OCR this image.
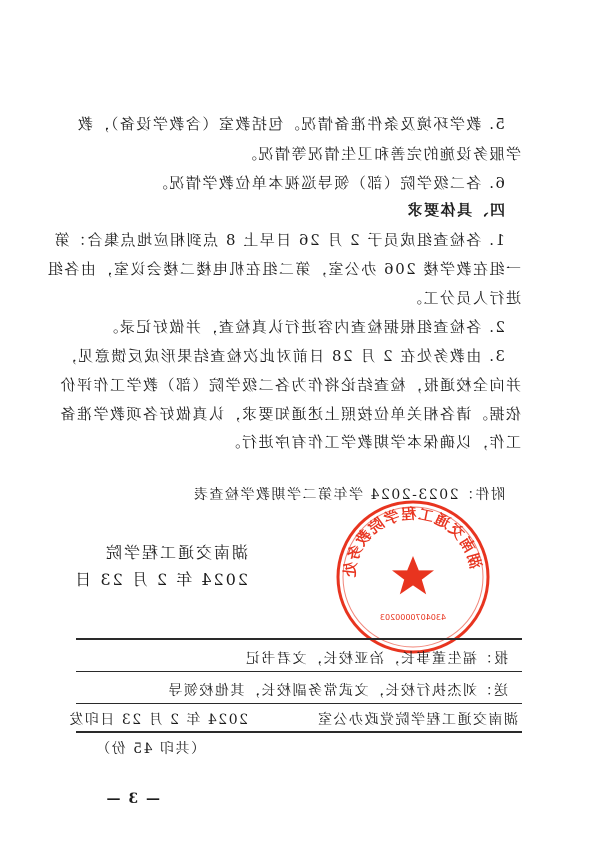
5. 教学环境及条件准备情况。包括教室（含教学设备），教
学服务设施的完善和卫生情况等情况。
6. 各二级学院（部）领导巡视本单位教学情况。
四、具体要求
1. 各检查组成员于 2 月 26 日早上 8 点到相应地点集合：第
一组在教学楼 206 办公室，第二组在机电楼二楼会议室，由各组
进行人员分工。
2. 各检查组根据检查内容进行认真检查，并做好记录。
3. 由教务处在 2 月 28 日前对此次检查结果形成反馈意见，
并向全校通报，检查结论将作为各二级学院（部）教学工作评价
依据。请各相关单位按照上述通知要求，认真做好各项教学准备
工作，以确保本学期教学工作有序进行。
附件：2023-2024 学年第二学期教学检查表
湖南交通工程学院教务处
4304070000203
湖南交通工程学院
2024 年 2 月 23 日
报：福生董事长，冶亚校长，文君书记
送：刘杰执行校长，文武常务副校长，其他校领导
湖南交通工程学院党政办公室
2024 年 2 月 23 日印发
（共印 45 份）
— 3 —
